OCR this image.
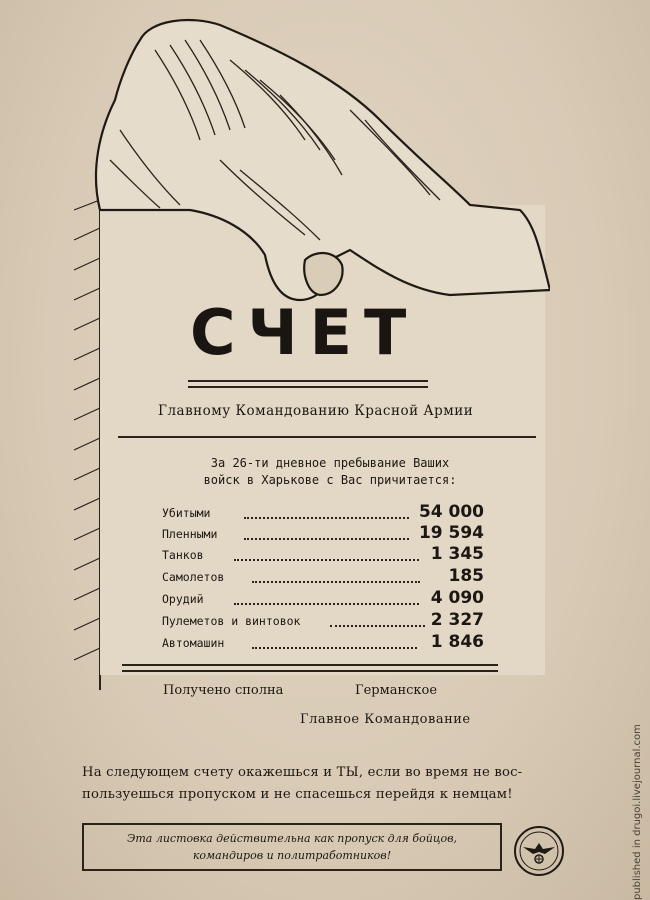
СЧЕТ
Главному Командованию Красной Армии
За 26-ти дневное пребывание Ваших
войск в Харькове с Вас причитается:
Убитыми	54 000
Пленными	19 594
Танков	1 345
Самолетов	185
Орудий	4 090
Пулеметов и винтовок	2 327
Автомашин	1 846
Получено сполна	Германское
Главное Командование
На следующем счету окажешься и ТЫ, если во время не вос-
пользуешься пропуском и не спасешься перейдя к немцам!
Эта листовка действительна как пропуск для бойцов,
командиров и политработников!	published in drugoi.livejournal.com
